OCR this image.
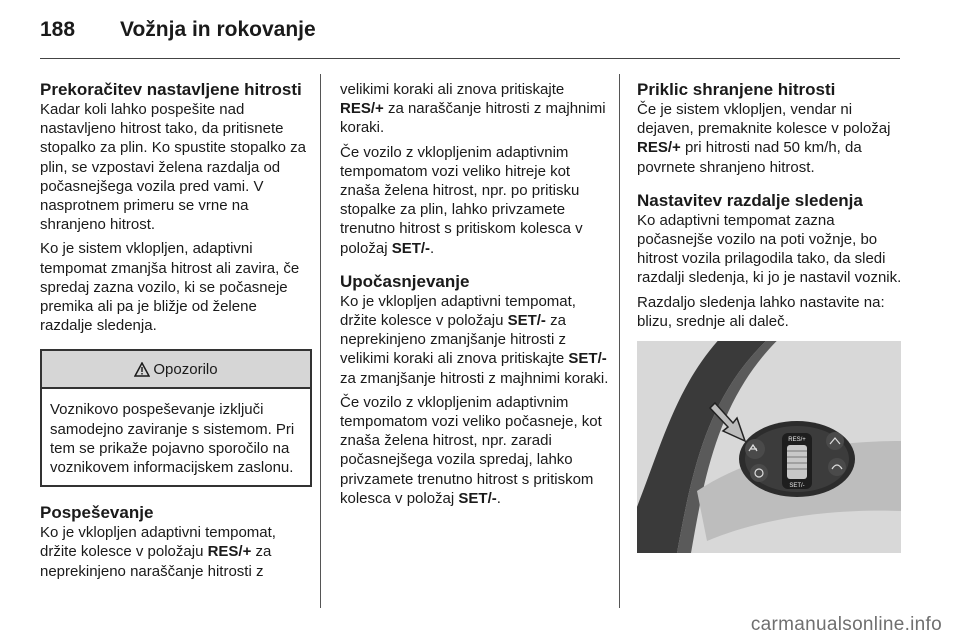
188	Vožnja in rokovanje
Prekoračitev nastavljene hitrosti

Kadar koli lahko pospešite nad nastavljeno hitrost tako, da pritisnete stopalko za plin. Ko spustite stopalko za plin, se vzpostavi želena razdalja od počasnejšega vozila pred vami. V nasprotnem primeru se vrne na shranjeno hitrost.

Ko je sistem vklopljen, adaptivni tempomat zmanjša hitrost ali zavira, če spredaj zazna vozilo, ki se počasneje premika ali pa je bližje od želene razdalje sledenja.

Opozorilo
Voznikovo pospeševanje izključi samodejno zaviranje s sistemom. Pri tem se prikaže pojavno sporočilo na voznikovem informacijskem zaslonu.
Pospeševanje

Ko je vklopljen adaptivni tempomat, držite kolesce v položaju RES/+ za neprekinjeno naraščanje hitrosti z

velikimi koraki ali znova pritiskajte RES/+ za naraščanje hitrosti z majhnimi koraki.

Če vozilo z vklopljenim adaptivnim tempomatom vozi veliko hitreje kot znaša želena hitrost, npr. po pritisku stopalke za plin, lahko privzamete trenutno hitrost s pritiskom kolesca v položaj SET/-.

Upočasnjevanje

Ko je vklopljen adaptivni tempomat, držite kolesce v položaju SET/- za neprekinjeno zmanjšanje hitrosti z velikimi koraki ali znova pritiskajte SET/- za zmanjšanje hitrosti z majhnimi koraki.

Če vozilo z vklopljenim adaptivnim tempomatom vozi veliko počasneje, kot znaša želena hitrost, npr. zaradi počasnejšega vozila spredaj, lahko privzamete trenutno hitrost s pritiskom kolesca v položaj SET/-.

Priklic shranjene hitrosti

Če je sistem vklopljen, vendar ni dejaven, premaknite kolesce v položaj RES/+ pri hitrosti nad 50 km/h, da povrnete shranjeno hitrost.

Nastavitev razdalje sledenja

Ko adaptivni tempomat zazna počasnejše vozilo na poti vožnje, bo hitrost vozila prilagodila tako, da sledi razdalji sledenja, ki jo je nastavil voznik.

Razdaljo sledenja lahko nastavite na: blizu, srednje ali daleč.

RES/+
SET/-
carmanualsonline.info
